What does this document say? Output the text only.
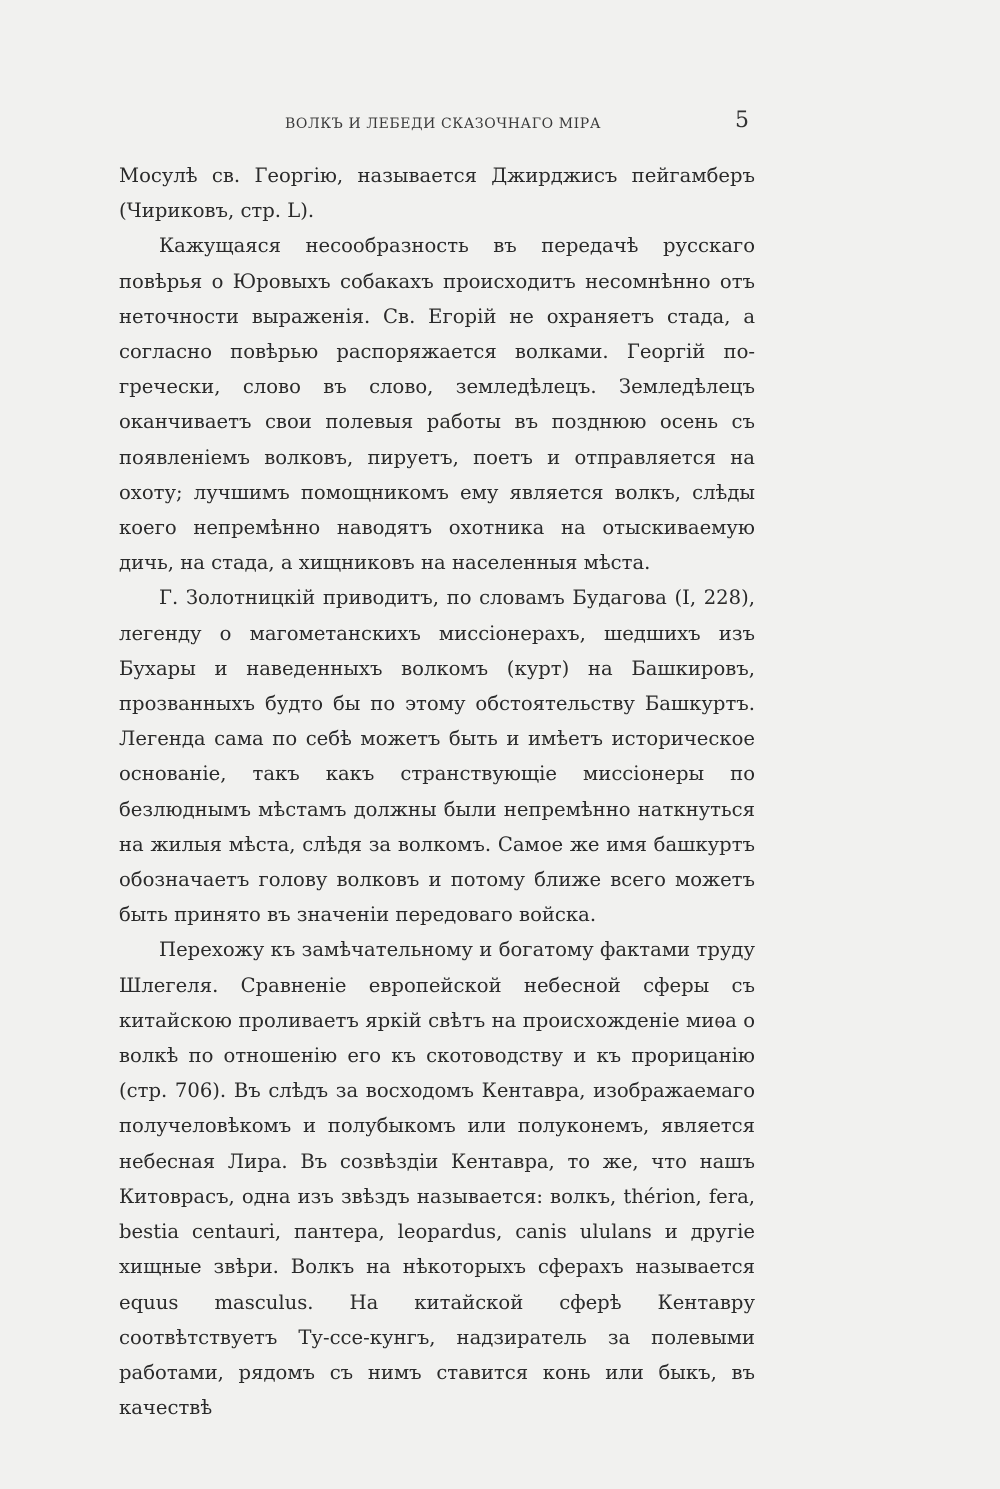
ВОЛКЪ И ЛЕБЕДИ СКАЗОЧНАГО МІРА	5

Мосулѣ св. Георгію, называется Джирджисъ пейгамберъ (Чириковъ, стр. L).

Кажущаяся несообразность въ передачѣ русскаго повѣрья о Юровыхъ собакахъ происходитъ несомнѣнно отъ неточности выраженія. Св. Егорій не охраняетъ стада, а согласно повѣрью распоряжается волками. Георгій по-гречески, слово въ слово, земледѣлецъ. Земледѣлецъ оканчиваетъ свои полевыя работы въ позднюю осень съ появленіемъ волковъ, пируетъ, поетъ и отправляется на охоту; лучшимъ помощникомъ ему является волкъ, слѣды коего непремѣнно наводятъ охотника на отыскиваемую дичь, на стада, а хищниковъ на населенныя мѣста.

Г. Золотницкій приводитъ, по словамъ Будагова (I, 228), легенду о магометанскихъ миссіонерахъ, шедшихъ изъ Бухары и наведенныхъ волкомъ (курт) на Башкировъ, прозванныхъ будто бы по этому обстоятельству Башкуртъ. Легенда сама по себѣ можетъ быть и имѣетъ историческое основаніе, такъ какъ странствующіе миссіонеры по безлюднымъ мѣстамъ должны были непремѣнно наткнуться на жилыя мѣста, слѣдя за волкомъ. Самое же имя башкуртъ обозначаетъ голову волковъ и потому ближе всего можетъ быть принято въ значеніи передоваго войска.

Перехожу къ замѣчательному и богатому фактами труду Шлегеля. Сравненіе европейской небесной сферы съ китайскою проливаетъ яркій свѣтъ на происхожденіе миѳа о волкѣ по отношенію его къ скотоводству и къ прорицанію (стр. 706). Въ слѣдъ за восходомъ Кентавра, изображаемаго получеловѣкомъ и полубыкомъ или полуконемъ, является небесная Лира. Въ созвѣздіи Кентавра, то же, что нашъ Китоврасъ, одна изъ звѣздъ называется: волкъ, thérion, fera, bestia centauri, пантера, leopardus, canis ululans и другіе хищные звѣри. Волкъ на нѣкоторыхъ сферахъ называется equus masculus. На китайской сферѣ Кентавру соотвѣтствуетъ Ту-сce-кунгъ, надзиратель за полевыми работами, рядомъ съ нимъ ставится конь или быкъ, въ качествѣ
